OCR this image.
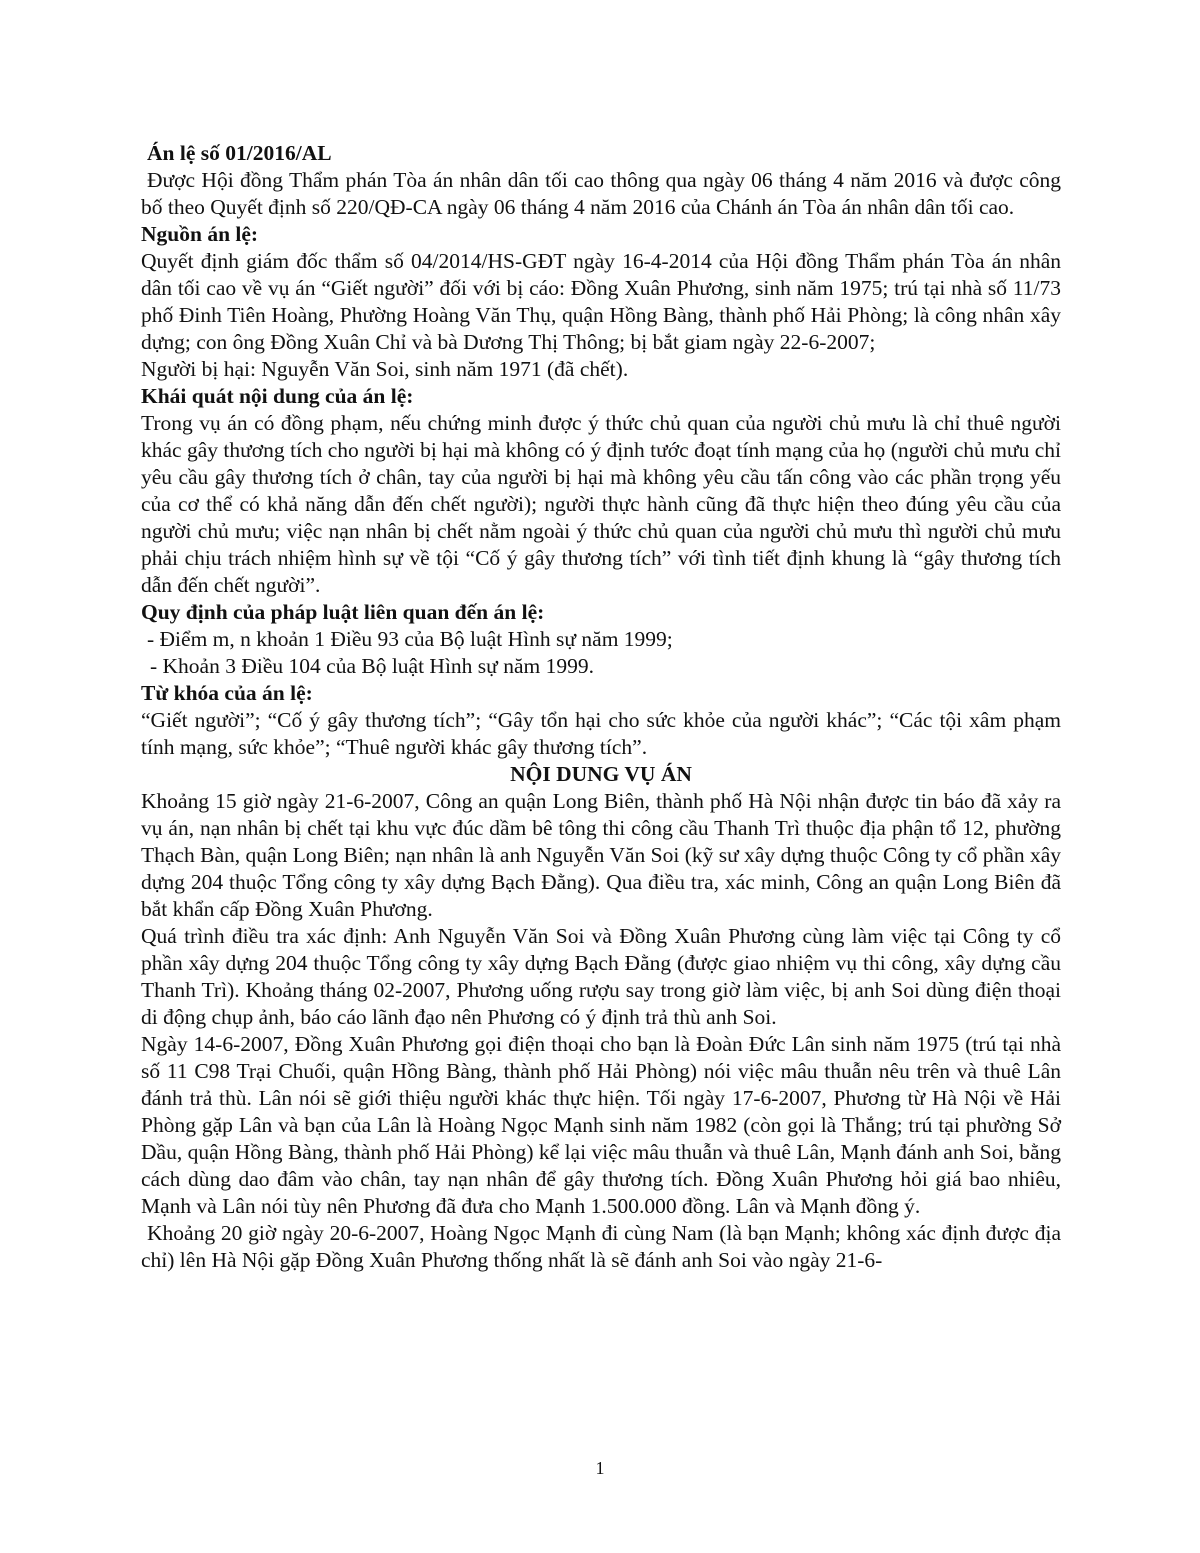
Án lệ số 01/2016/AL
Được Hội đồng Thẩm phán Tòa án nhân dân tối cao thông qua ngày 06 tháng 4 năm 2016 và được công bố theo Quyết định số 220/QĐ-CA ngày 06 tháng 4 năm 2016 của Chánh án Tòa án nhân dân tối cao.
Nguồn án lệ:
Quyết định giám đốc thẩm số 04/2014/HS-GĐT ngày 16-4-2014 của Hội đồng Thẩm phán Tòa án nhân dân tối cao về vụ án “Giết người” đối với bị cáo: Đồng Xuân Phương, sinh năm 1975; trú tại nhà số 11/73 phố Đinh Tiên Hoàng, Phường Hoàng Văn Thụ, quận Hồng Bàng, thành phố Hải Phòng; là công nhân xây dựng; con ông Đồng Xuân Chỉ và bà Dương Thị Thông; bị bắt giam ngày 22-6-2007;
Người bị hại: Nguyễn Văn Soi, sinh năm 1971 (đã chết).
Khái quát nội dung của án lệ:
Trong vụ án có đồng phạm, nếu chứng minh được ý thức chủ quan của người chủ mưu là chỉ thuê người khác gây thương tích cho người bị hại mà không có ý định tước đoạt tính mạng của họ (người chủ mưu chỉ yêu cầu gây thương tích ở chân, tay của người bị hại mà không yêu cầu tấn công vào các phần trọng yếu của cơ thể có khả năng dẫn đến chết người); người thực hành cũng đã thực hiện theo đúng yêu cầu của người chủ mưu; việc nạn nhân bị chết nằm ngoài ý thức chủ quan của người chủ mưu thì người chủ mưu phải chịu trách nhiệm hình sự về tội “Cố ý gây thương tích” với tình tiết định khung là “gây thương tích dẫn đến chết người”.
Quy định của pháp luật liên quan đến án lệ:
- Điểm m, n khoản 1 Điều 93 của Bộ luật Hình sự năm 1999;
- Khoản 3 Điều 104 của Bộ luật Hình sự năm 1999.
Từ khóa của án lệ:
“Giết người”; “Cố ý gây thương tích”; “Gây tổn hại cho sức khỏe của người khác”; “Các tội xâm phạm tính mạng, sức khỏe”; “Thuê người khác gây thương tích”.
NỘI DUNG VỤ ÁN
Khoảng 15 giờ ngày 21-6-2007, Công an quận Long Biên, thành phố Hà Nội nhận được tin báo đã xảy ra vụ án, nạn nhân bị chết tại khu vực đúc dầm bê tông thi công cầu Thanh Trì thuộc địa phận tổ 12, phường Thạch Bàn, quận Long Biên; nạn nhân là anh Nguyễn Văn Soi (kỹ sư xây dựng thuộc Công ty cổ phần xây dựng 204 thuộc Tổng công ty xây dựng Bạch Đằng). Qua điều tra, xác minh, Công an quận Long Biên đã bắt khẩn cấp Đồng Xuân Phương.
Quá trình điều tra xác định: Anh Nguyễn Văn Soi và Đồng Xuân Phương cùng làm việc tại Công ty cổ phần xây dựng 204 thuộc Tổng công ty xây dựng Bạch Đằng (được giao nhiệm vụ thi công, xây dựng cầu Thanh Trì). Khoảng tháng 02-2007, Phương uống rượu say trong giờ làm việc, bị anh Soi dùng điện thoại di động chụp ảnh, báo cáo lãnh đạo nên Phương có ý định trả thù anh Soi.
Ngày 14-6-2007, Đồng Xuân Phương gọi điện thoại cho bạn là Đoàn Đức Lân sinh năm 1975 (trú tại nhà số 11 C98 Trại Chuối, quận Hồng Bàng, thành phố Hải Phòng) nói việc mâu thuẫn nêu trên và thuê Lân đánh trả thù. Lân nói sẽ giới thiệu người khác thực hiện. Tối ngày 17-6-2007, Phương từ Hà Nội về Hải Phòng gặp Lân và bạn của Lân là Hoàng Ngọc Mạnh sinh năm 1982 (còn gọi là Thắng; trú tại phường Sở Dầu, quận Hồng Bàng, thành phố Hải Phòng) kể lại việc mâu thuẫn và thuê Lân, Mạnh đánh anh Soi, bằng cách dùng dao đâm vào chân, tay nạn nhân để gây thương tích. Đồng Xuân Phương hỏi giá bao nhiêu, Mạnh và Lân nói tùy nên Phương đã đưa cho Mạnh 1.500.000 đồng. Lân và Mạnh đồng ý.
Khoảng 20 giờ ngày 20-6-2007, Hoàng Ngọc Mạnh đi cùng Nam (là bạn Mạnh; không xác định được địa chỉ) lên Hà Nội gặp Đồng Xuân Phương thống nhất là sẽ đánh anh Soi vào ngày 21-6-
1
